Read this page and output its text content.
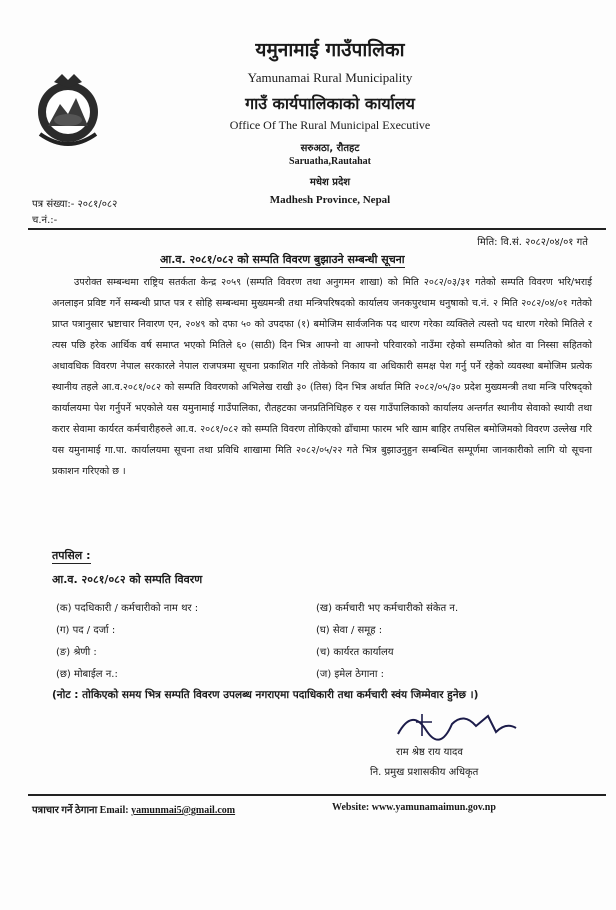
यमुनामाई गाउँपालिका
Yamunamai Rural Municipality
गाउँ कार्यपालिकाको कार्यालय
Office Of The Rural Municipal Executive
सरुअठा, रौतहट
Saruatha,Rautahat
मधेश प्रदेश
Madhesh Province, Nepal
पत्र संख्या:- २०८१/०८२
च.नं.:-
मिति: वि.सं. २०८२/०४/०१ गते
आ.व. २०८१/०८२ को सम्पति विवरण बुझाउने सम्बन्धी सूचना

उपरोक्त सम्बन्धमा राष्ट्रिय सतर्कता केन्द्र २०५९ (सम्पति विवरण तथा अनुगमन शाखा) को मिति २०८२/०३/३१ गतेको सम्पति विवरण भरि/भराई अनलाइन प्रविष्ट गर्ने सम्बन्धी प्राप्त पत्र र सोहि सम्बन्धमा मुख्यमन्त्री तथा मन्त्रिपरिषदको कार्यालय जनकपुरधाम धनुषाको च.नं. २ मिति २०८२/०४/०१ गतेको प्राप्त पत्रानुसार भ्रष्टाचार निवारण एन, २०४९ को दफा ५० को उपदफा (१) बमोजिम सार्वजनिक पद धारण गरेका व्यक्तिले त्यस्तो पद धारण गरेको मितिले र त्यस पछि हरेक आर्थिक वर्ष समाप्त भएको मितिले ६० (साठी) दिन भित्र आफ्नो वा आफ्नो परिवारको नाउँमा रहेको सम्पतिको श्रोत वा निस्सा सहितको अधावधिक विवरण नेपाल सरकारले नेपाल राजपत्रमा सूचना प्रकाशित गरि तोकेको निकाय वा अधिकारी समक्ष पेश गर्नु पर्ने रहेको व्यवस्था बमोजिम प्रत्येक स्थानीय तहले आ.व.२०८१/०८२ को सम्पति विवरणको अभिलेख राखी ३० (तिस) दिन भित्र अर्थात मिति २०८२/०५/३० प्रदेश मुख्यमन्त्री तथा मन्त्रि परिषद्को कार्यालयमा पेश गर्नुपर्ने भएकोले यस यमुनामाई गाउँपालिका, रौतहटका जनप्रतिनिधिहरु र यस गाउँपालिकाको कार्यालय अन्तर्गत स्थानीय सेवाको स्थायी तथा करार सेवामा कार्यरत कर्मचारीहरुले आ.व. २०८१/०८२ को सम्पति विवरण तोकिएको ढाँचामा फारम भरि खाम बाहिर तपसिल बमोजिमको विवरण उल्लेख गरि यस यमुनामाई गा.पा. कार्यालयमा सूचना तथा प्रविधि शाखामा मिति २०८२/०५/२२ गते भित्र बुझाउनुहुन सम्बन्धित सम्पूर्णमा जानकारीको लागि यो सूचना प्रकाशन गरिएको छ ।

तपसिल :
आ.व. २०८१/०८२ को सम्पति विवरण
(क) पदधिकारी / कर्मचारीको नाम थर :	(ख) कर्मचारी भए कर्मचारीको संकेत न.
(ग) पद / दर्जा :	(घ) सेवा / समूह :
(ङ) श्रेणी :	(च) कार्यरत कार्यालय
(छ) मोबाईल न.:	(ज) इमेल ठेगाना :
(नोट : तोकिएको समय भित्र सम्पति विवरण उपलब्ध नगराएमा पदाधिकारी तथा कर्मचारी स्वंय जिम्मेवार हुनेछ ।)
राम श्रेष्ठ राय यादव
नि. प्रमुख प्रशासकीय अधिकृत
पत्राचार गर्ने ठेगाना Email: yamunmai5@gmail.com	Website: www.yamunamaimun.gov.np
